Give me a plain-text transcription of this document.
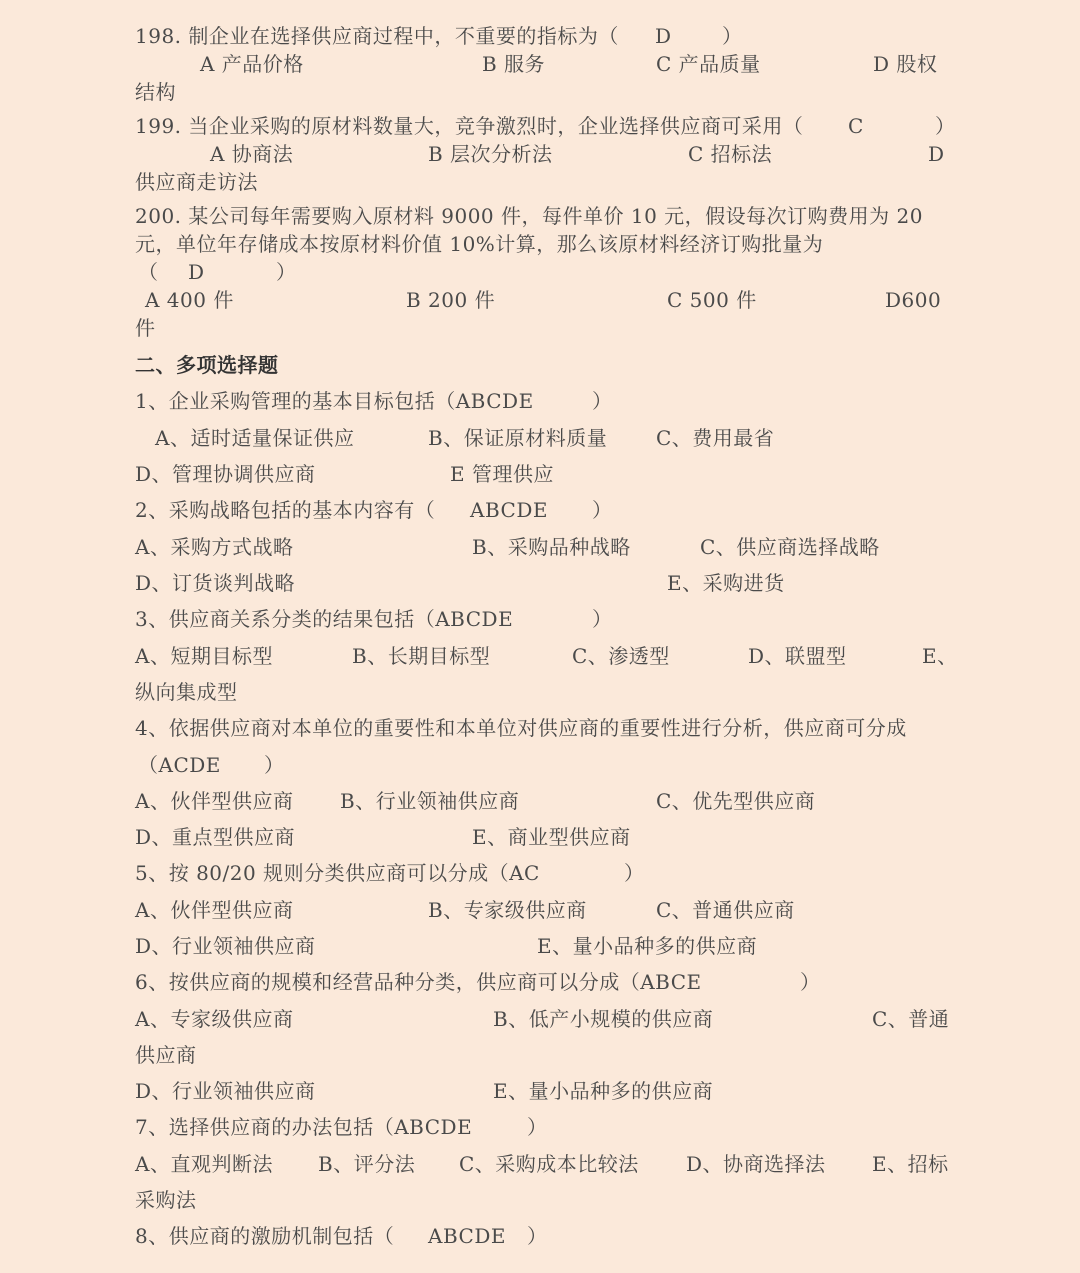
198. 制企业在选择供应商过程中，不重要的指标为（ D	）
A 产品价格	B 服务	C 产品质量	D 股权
结构
199. 当企业采购的原材料数量大，竞争激烈时，企业选择供应商可采用（ C	）
A 协商法	B 层次分析法	C 招标法	D
供应商走访法
200. 某公司每年需要购入原材料 9000 件，每件单价 10 元，假设每次订购费用为 20
元，单位年存储成本按原材料价值 10%计算，那么该原材料经济订购批量为
（ D	）
A 400 件	B 200 件	C 500 件	D600
件
二、多项选择题
1、企业采购管理的基本目标包括（ABCDE	）
A、适时适量保证供应	B、保证原材料质量 C、费用最省
D、管理协调供应商	E 管理供应
2、采购战略包括的基本内容有（ ABCDE ）
A、采购方式战略	B、采购品种战略	C、供应商选择战略
D、订货谈判战略	E、采购进货
3、供应商关系分类的结果包括（ABCDE	）
A、短期目标型	B、长期目标型	C、渗透型	D、联盟型	E、
纵向集成型
4、依据供应商对本单位的重要性和本单位对供应商的重要性进行分析，供应商可分成
（ACDE ）
A、伙伴型供应商 B、行业领袖供应商	C、优先型供应商
D、重点型供应商	E、商业型供应商
5、按 80/20 规则分类供应商可以分成（AC	）
A、伙伴型供应商	B、专家级供应商	C、普通供应商
D、行业领袖供应商	E、量小品种多的供应商
6、按供应商的规模和经营品种分类，供应商可以分成（ABCE	）
A、专家级供应商	B、低产小规模的供应商	C、普通
供应商
D、行业领袖供应商	E、量小品种多的供应商
7、选择供应商的办法包括（ABCDE	）
A、直观判断法 B、评分法 C、采购成本比较法 D、协商选择法 E、招标
采购法
8、供应商的激励机制包括（ ABCDE ）
